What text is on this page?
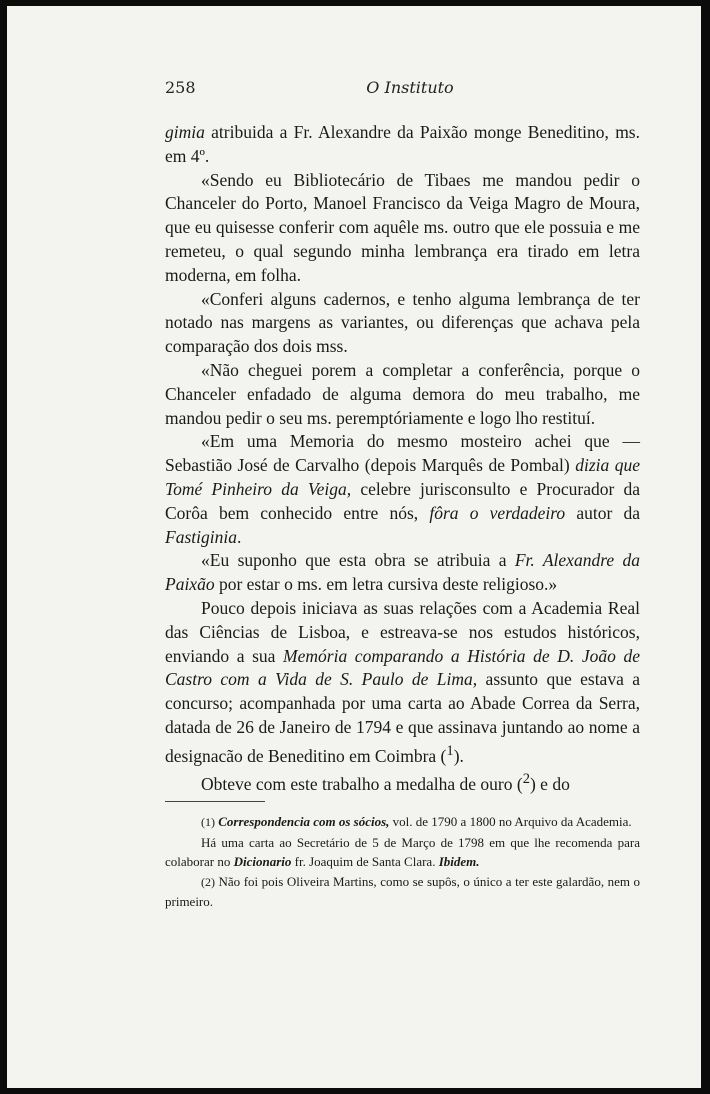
258	O Instituto

gimia atribuida a Fr. Alexandre da Paixão monge Beneditino, ms. em 4º.

«Sendo eu Bibliotecário de Tibaes me mandou pedir o Chanceler do Porto, Manoel Francisco da Veiga Magro de Moura, que eu quisesse conferir com aquêle ms. outro que ele possuia e me remeteu, o qual segundo minha lembrança era tirado em letra moderna, em folha.

«Conferi alguns cadernos, e tenho alguma lembrança de ter notado nas margens as variantes, ou diferenças que achava pela comparação dos dois mss.

«Não cheguei porem a completar a conferência, porque o Chanceler enfadado de alguma demora do meu trabalho, me mandou pedir o seu ms. peremptóriamente e logo lho restituí.

«Em uma Memoria do mesmo mosteiro achei que — Sebastião José de Carvalho (depois Marquês de Pombal) dizia que Tomé Pinheiro da Veiga, celebre jurisconsulto e Procurador da Corôa bem conhecido entre nós, fôra o verdadeiro autor da Fastiginia.

«Eu suponho que esta obra se atribuia a Fr. Alexandre da Paixão por estar o ms. em letra cursiva deste religioso.»

Pouco depois iniciava as suas relações com a Academia Real das Ciências de Lisboa, e estreava-se nos estudos históricos, enviando a sua Memória comparando a História de D. João de Castro com a Vida de S. Paulo de Lima, assunto que estava a concurso; acompanhada por uma carta ao Abade Correa da Serra, datada de 26 de Janeiro de 1794 e que assinava juntando ao nome a designacão de Beneditino em Coimbra ($^1$).

Obteve com este trabalho a medalha de ouro ($^2$) e do

(1) Correspondencia com os sócios, vol. de 1790 a 1800 no Arquivo da Academia.

Há uma carta ao Secretário de 5 de Março de 1798 em que lhe recomenda para colaborar no Dicionario fr. Joaquim de Santa Clara. Ibidem.

(2) Não foi pois Oliveira Martins, como se supôs, o único a ter este galardão, nem o primeiro.
